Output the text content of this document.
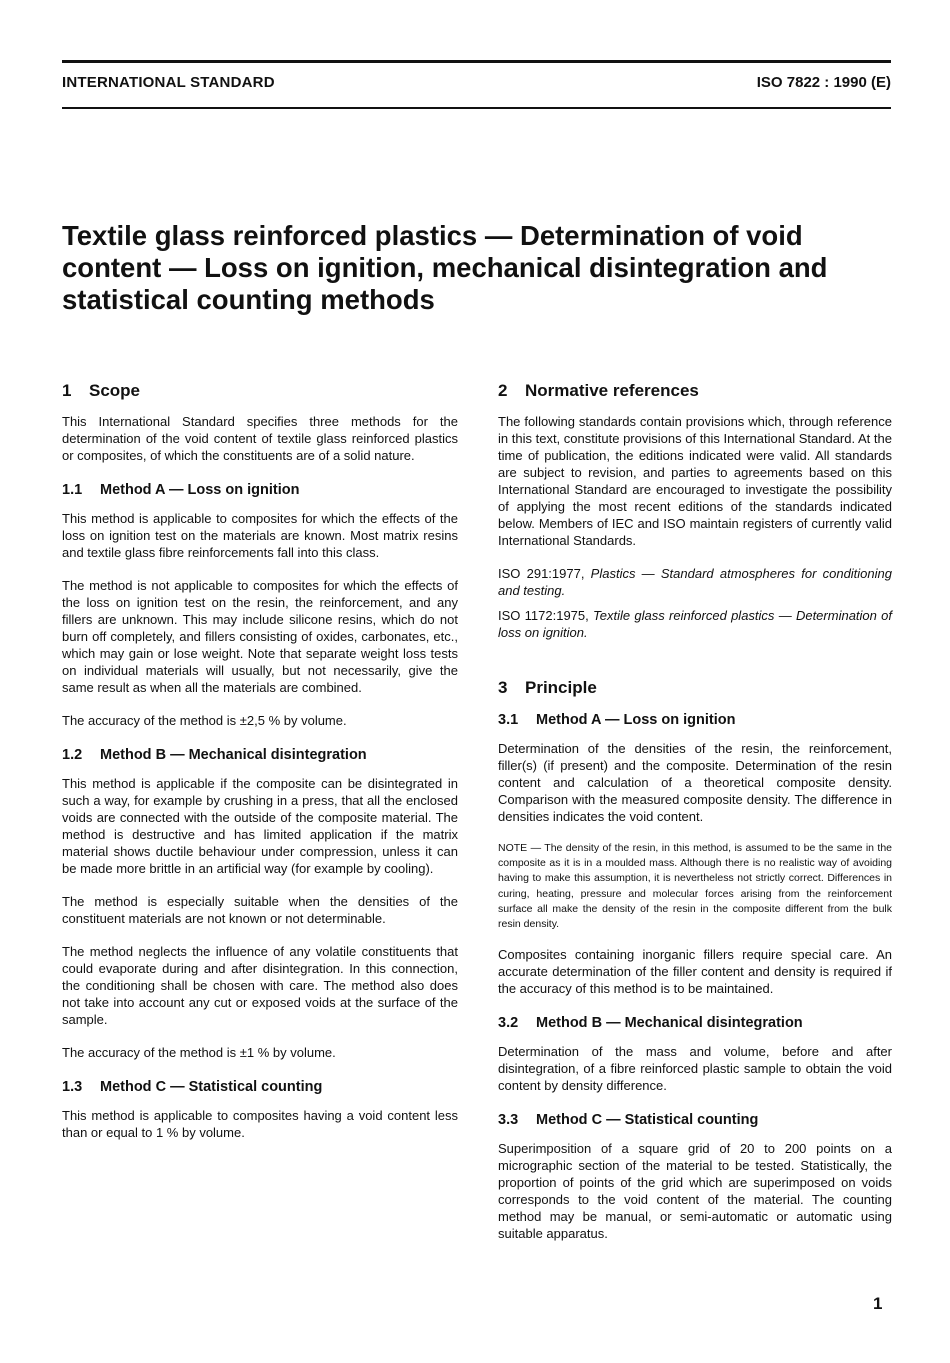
INTERNATIONAL STANDARD	ISO 7822 : 1990 (E)
Textile glass reinforced plastics — Determination of void content — Loss on ignition, mechanical disintegration and statistical counting methods
1 Scope

This International Standard specifies three methods for the determination of the void content of textile glass reinforced plastics or composites, of which the constituents are of a solid nature.

1.1 Method A — Loss on ignition

This method is applicable to composites for which the effects of the loss on ignition test on the materials are known. Most matrix resins and textile glass fibre reinforcements fall into this class.

The method is not applicable to composites for which the effects of the loss on ignition test on the resin, the reinforcement, and any fillers are unknown. This may include silicone resins, which do not burn off completely, and fillers consisting of oxides, carbonates, etc., which may gain or lose weight. Note that separate weight loss tests on individual materials will usually, but not necessarily, give the same result as when all the materials are combined.

The accuracy of the method is ±2,5 % by volume.

1.2 Method B — Mechanical disintegration

This method is applicable if the composite can be disintegrated in such a way, for example by crushing in a press, that all the enclosed voids are connected with the outside of the composite material. The method is destructive and has limited application if the matrix material shows ductile behaviour under compression, unless it can be made more brittle in an artificial way (for example by cooling).

The method is especially suitable when the densities of the constituent materials are not known or not determinable.

The method neglects the influence of any volatile constituents that could evaporate during and after disintegration. In this connection, the conditioning shall be chosen with care. The method also does not take into account any cut or exposed voids at the surface of the sample.

The accuracy of the method is ±1 % by volume.

1.3 Method C — Statistical counting

This method is applicable to composites having a void content less than or equal to 1 % by volume.

2 Normative references

The following standards contain provisions which, through reference in this text, constitute provisions of this International Standard. At the time of publication, the editions indicated were valid. All standards are subject to revision, and parties to agreements based on this International Standard are encouraged to investigate the possibility of applying the most recent editions of the standards indicated below. Members of IEC and ISO maintain registers of currently valid International Standards.

ISO 291:1977, Plastics — Standard atmospheres for conditioning and testing.

ISO 1172:1975, Textile glass reinforced plastics — Determination of loss on ignition.

3 Principle
3.1 Method A — Loss on ignition

Determination of the densities of the resin, the reinforcement, filler(s) (if present) and the composite. Determination of the resin content and calculation of a theoretical composite density. Comparison with the measured composite density. The difference in densities indicates the void content.

NOTE — The density of the resin, in this method, is assumed to be the same in the composite as it is in a moulded mass. Although there is no realistic way of avoiding having to make this assumption, it is nevertheless not strictly correct. Differences in curing, heating, pressure and molecular forces arising from the reinforcement surface all make the density of the resin in the composite different from the bulk resin density.

Composites containing inorganic fillers require special care. An accurate determination of the filler content and density is required if the accuracy of this method is to be maintained.

3.2 Method B — Mechanical disintegration

Determination of the mass and volume, before and after disintegration, of a fibre reinforced plastic sample to obtain the void content by density difference.

3.3 Method C — Statistical counting

Superimposition of a square grid of 20 to 200 points on a micrographic section of the material to be tested. Statistically, the proportion of points of the grid which are superimposed on voids corresponds to the void content of the material. The counting method may be manual, or semi-automatic or automatic using suitable apparatus.

1
